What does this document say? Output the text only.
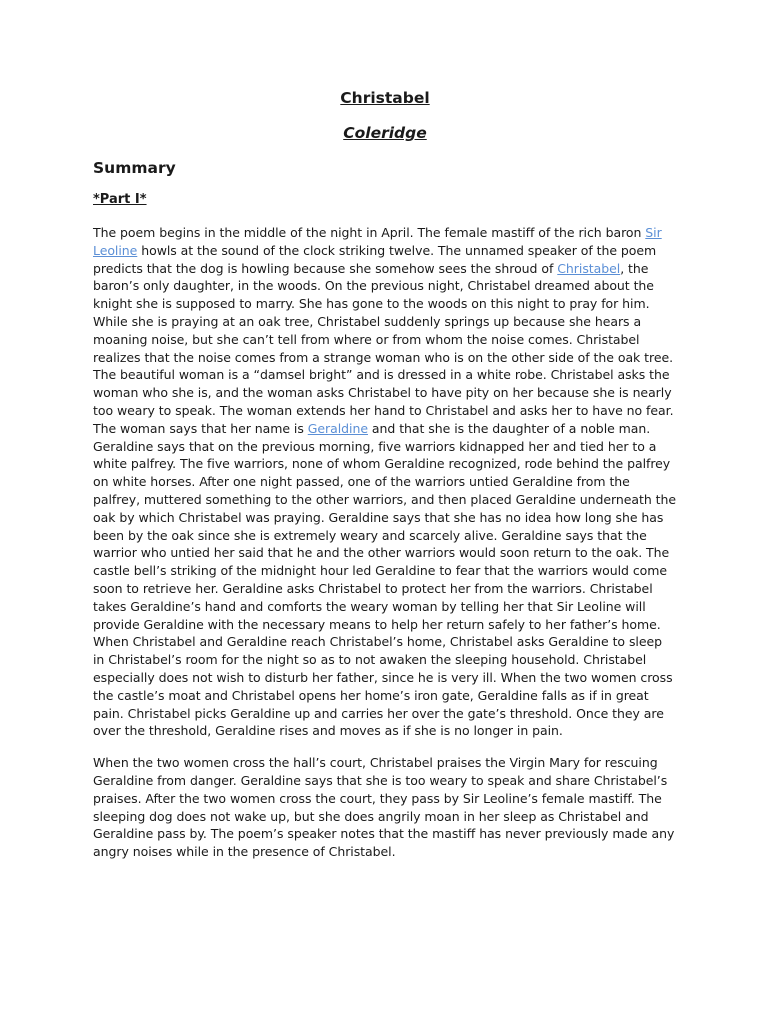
Christabel
Coleridge
Summary
*Part I*

The poem begins in the middle of the night in April. The female mastiff of the rich baron Sir Leoline howls at the sound of the clock striking twelve. The unnamed speaker of the poem predicts that the dog is howling because she somehow sees the shroud of Christabel, the baron’s only daughter, in the woods. On the previous night, Christabel dreamed about the knight she is supposed to marry. She has gone to the woods on this night to pray for him. While she is praying at an oak tree, Christabel suddenly springs up because she hears a moaning noise, but she can’t tell from where or from whom the noise comes. Christabel realizes that the noise comes from a strange woman who is on the other side of the oak tree. The beautiful woman is a “damsel bright” and is dressed in a white robe. Christabel asks the woman who she is, and the woman asks Christabel to have pity on her because she is nearly too weary to speak. The woman extends her hand to Christabel and asks her to have no fear. The woman says that her name is Geraldine and that she is the daughter of a noble man. Geraldine says that on the previous morning, five warriors kidnapped her and tied her to a white palfrey. The five warriors, none of whom Geraldine recognized, rode behind the palfrey on white horses. After one night passed, one of the warriors untied Geraldine from the palfrey, muttered something to the other warriors, and then placed Geraldine underneath the oak by which Christabel was praying. Geraldine says that she has no idea how long she has been by the oak since she is extremely weary and scarcely alive. Geraldine says that the warrior who untied her said that he and the other warriors would soon return to the oak. The castle bell’s striking of the midnight hour led Geraldine to fear that the warriors would come soon to retrieve her. Geraldine asks Christabel to protect her from the warriors. Christabel takes Geraldine’s hand and comforts the weary woman by telling her that Sir Leoline will provide Geraldine with the necessary means to help her return safely to her father’s home.

When Christabel and Geraldine reach Christabel’s home, Christabel asks Geraldine to sleep in Christabel’s room for the night so as to not awaken the sleeping household. Christabel especially does not wish to disturb her father, since he is very ill. When the two women cross the castle’s moat and Christabel opens her home’s iron gate, Geraldine falls as if in great pain. Christabel picks Geraldine up and carries her over the gate’s threshold. Once they are over the threshold, Geraldine rises and moves as if she is no longer in pain.

When the two women cross the hall’s court, Christabel praises the Virgin Mary for rescuing Geraldine from danger. Geraldine says that she is too weary to speak and share Christabel’s praises. After the two women cross the court, they pass by Sir Leoline’s female mastiff. The sleeping dog does not wake up, but she does angrily moan in her sleep as Christabel and Geraldine pass by. The poem’s speaker notes that the mastiff has never previously made any angry noises while in the presence of Christabel.
